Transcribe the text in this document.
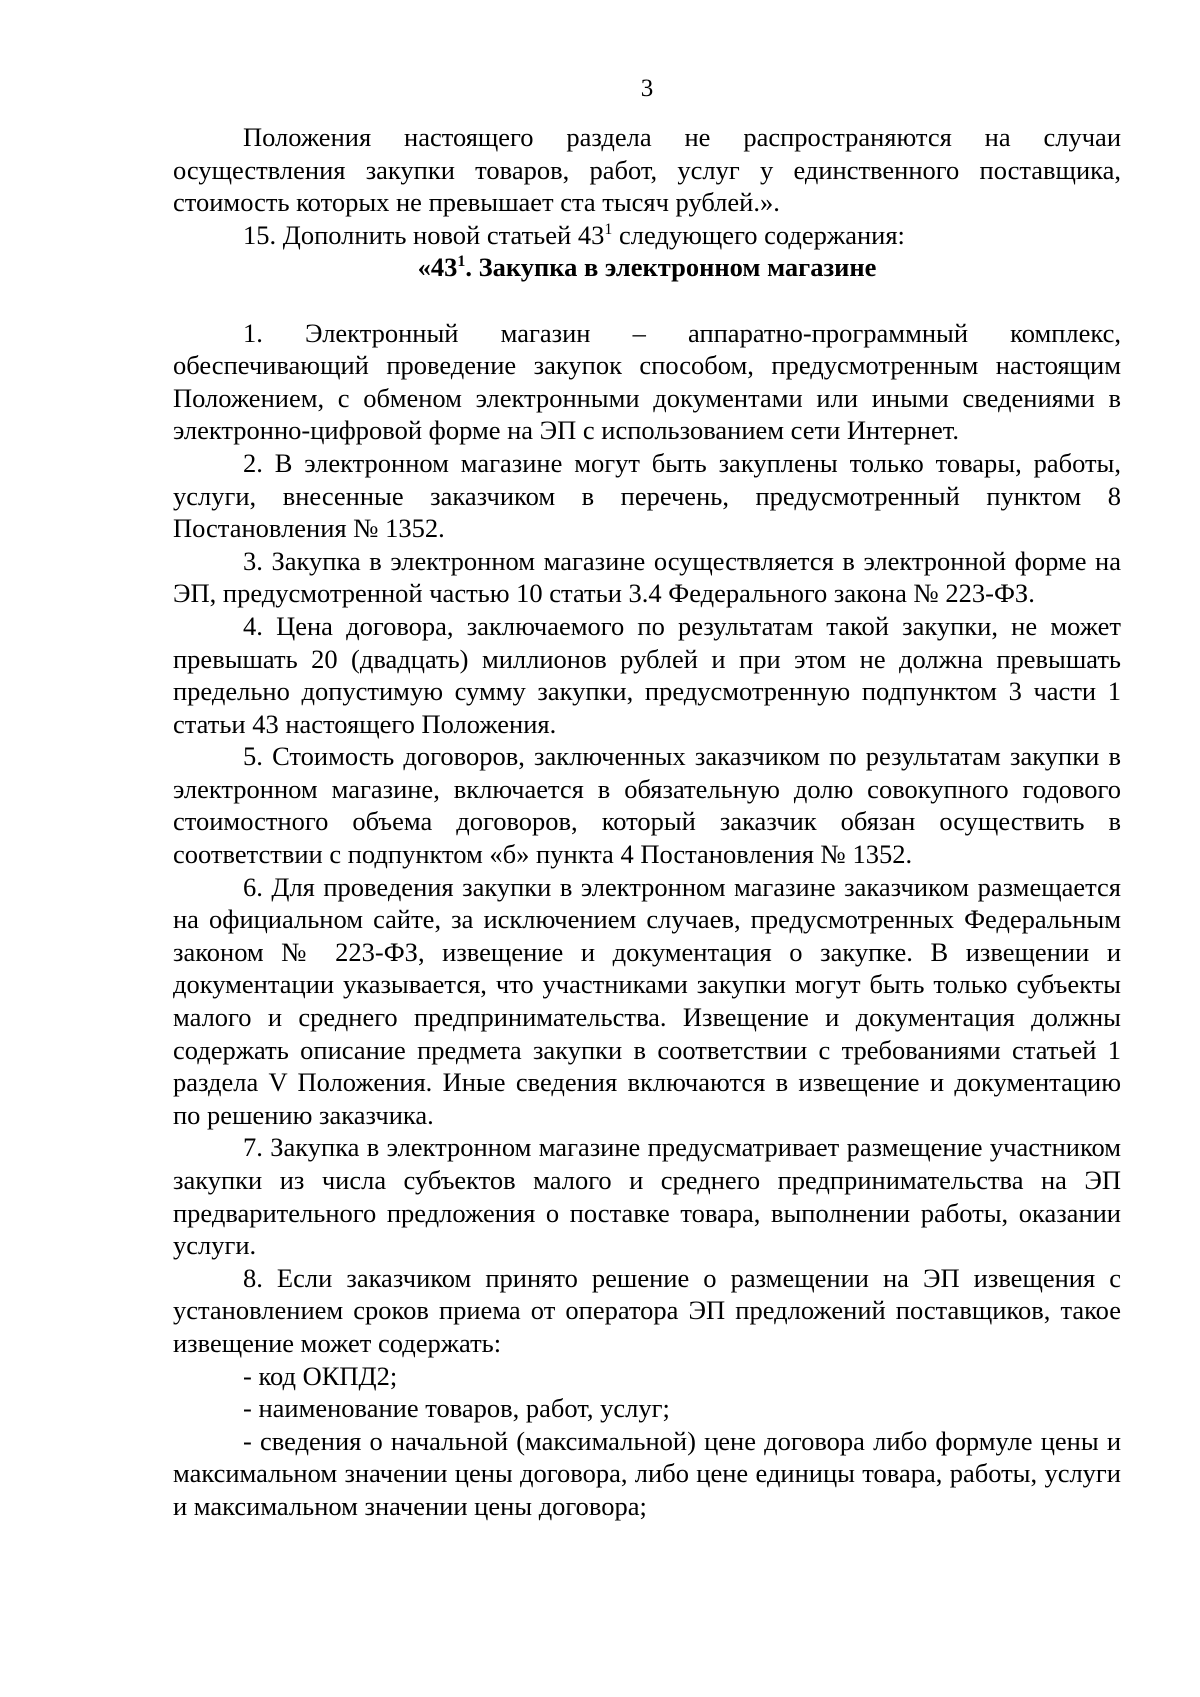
3

Положения настоящего раздела не распространяются на случаи осуществления закупки товаров, работ, услуг у единственного поставщика, стоимость которых не превышает ста тысяч рублей.».

15. Дополнить новой статьей $43^1$ следующего содержания:

«$43^1$. Закупка в электронном магазине

1. Электронный магазин – аппаратно-программный комплекс, обеспечивающий проведение закупок способом, предусмотренным настоящим Положением, с обменом электронными документами или иными сведениями в электронно-цифровой форме на ЭП с использованием сети Интернет.

2. В электронном магазине могут быть закуплены только товары, работы, услуги, внесенные заказчиком в перечень, предусмотренный пунктом 8 Постановления № 1352.

3. Закупка в электронном магазине осуществляется в электронной форме на ЭП, предусмотренной частью 10 статьи 3.4 Федерального закона № 223-ФЗ.

4. Цена договора, заключаемого по результатам такой закупки, не может превышать 20 (двадцать) миллионов рублей и при этом не должна превышать предельно допустимую сумму закупки, предусмотренную подпунктом 3 части 1 статьи 43 настоящего Положения.

5. Стоимость договоров, заключенных заказчиком по результатам закупки в электронном магазине, включается в обязательную долю совокупного годового стоимостного объема договоров, который заказчик обязан осуществить в соответствии с подпунктом «б» пункта 4 Постановления № 1352.

6. Для проведения закупки в электронном магазине заказчиком размещается на официальном сайте, за исключением случаев, предусмотренных Федеральным законом № 223-ФЗ, извещение и документация о закупке. В извещении и документации указывается, что участниками закупки могут быть только субъекты малого и среднего предпринимательства. Извещение и документация должны содержать описание предмета закупки в соответствии с требованиями статьей 1 раздела V Положения. Иные сведения включаются в извещение и документацию по решению заказчика.

7. Закупка в электронном магазине предусматривает размещение участником закупки из числа субъектов малого и среднего предпринимательства на ЭП предварительного предложения о поставке товара, выполнении работы, оказании услуги.

8. Если заказчиком принято решение о размещении на ЭП извещения с установлением сроков приема от оператора ЭП предложений поставщиков, такое извещение может содержать:

- код ОКПД2;

- наименование товаров, работ, услуг;

- сведения о начальной (максимальной) цене договора либо формуле цены и максимальном значении цены договора, либо цене единицы товара, работы, услуги и максимальном значении цены договора;
